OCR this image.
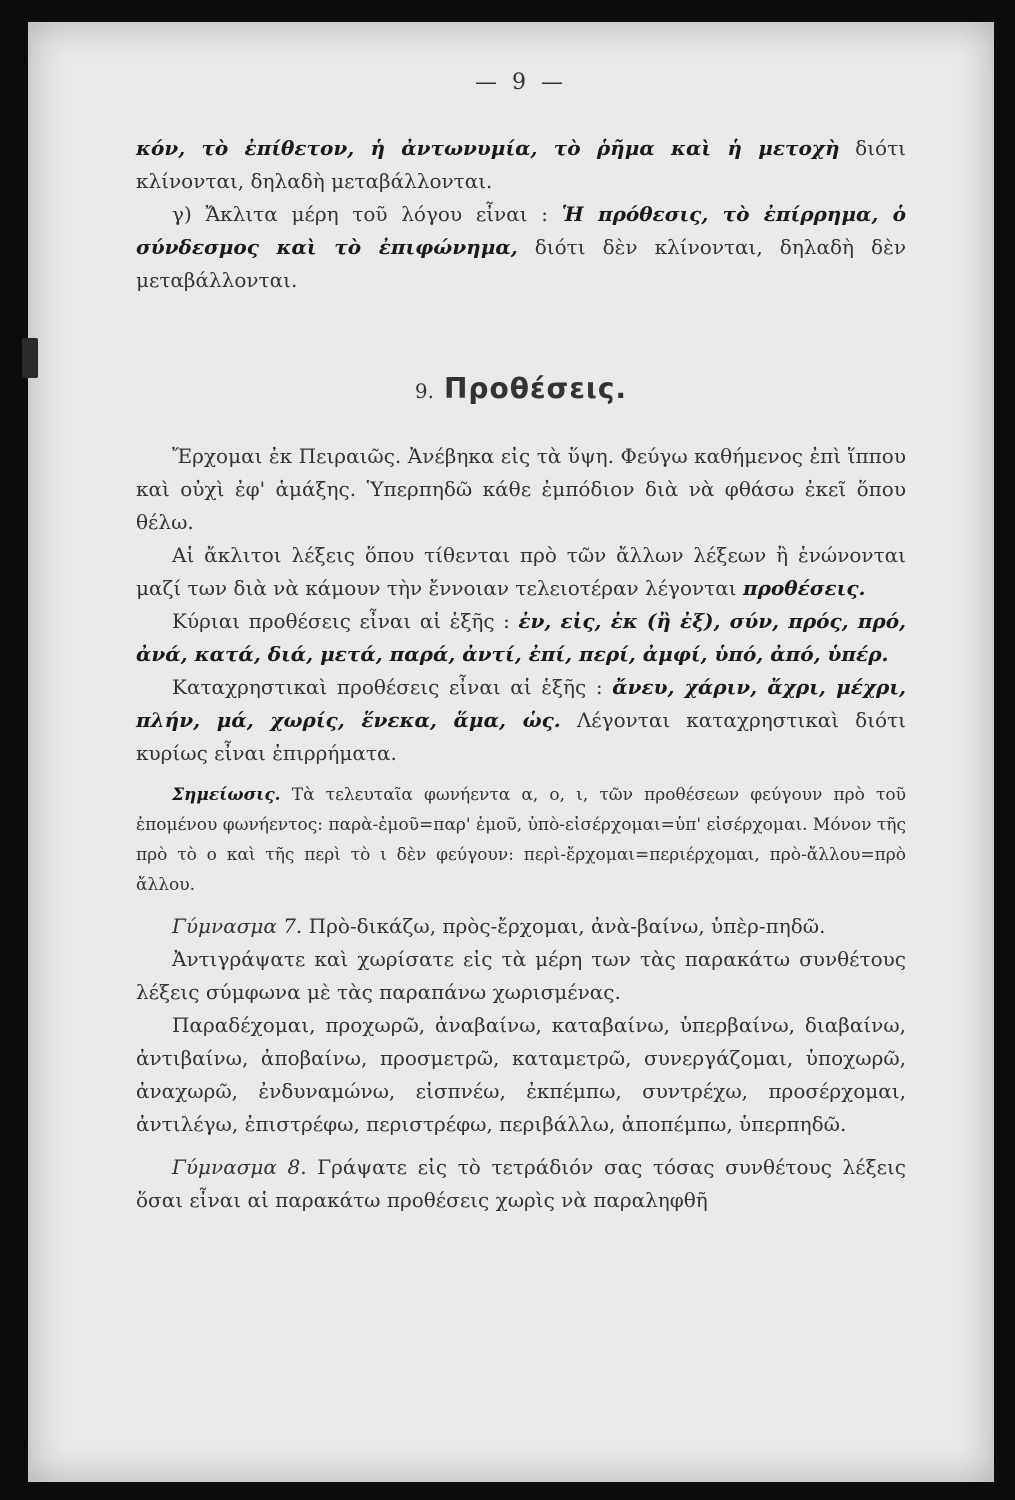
— 9 —

κόν, τὸ ἐπίθετον, ἡ ἀντωνυμία, τὸ ῥῆμα καὶ ἡ μετοχὴ διότι κλίνονται, δηλαδὴ μεταβάλλονται.

γ) Ἄκλιτα μέρη τοῦ λόγου εἶναι : Ἡ πρόθεσις, τὸ ἐπίρρημα, ὁ σύνδεσμος καὶ τὸ ἐπιφώνημα, διότι δὲν κλίνονται, δηλαδὴ δὲν μεταβάλλονται.

9. Προθέσεις.

Ἔρχομαι ἐκ Πειραιῶς. Ἀνέβηκα εἰς τὰ ὕψη. Φεύγω καθήμενος ἐπὶ ἵππου καὶ οὐχὶ ἐφ' ἁμάξης. Ὑπερπηδῶ κάθε ἐμπόδιον διὰ νὰ φθάσω ἐκεῖ ὅπου θέλω.

Αἱ ἄκλιτοι λέξεις ὅπου τίθενται πρὸ τῶν ἄλλων λέξεων ἢ ἑνώνονται μαζί των διὰ νὰ κάμουν τὴν ἔννοιαν τελειοτέραν λέγονται προθέσεις.

Κύριαι προθέσεις εἶναι αἱ ἑξῆς : ἐν, εἰς, ἐκ (ἢ ἐξ), σύν, πρός, πρό, ἀνά, κατά, διά, μετά, παρά, ἀντί, ἐπί, περί, ἀμφί, ὑπό, ἀπό, ὑπέρ.

Καταχρηστικαὶ προθέσεις εἶναι αἱ ἑξῆς : ἄνευ, χάριν, ἄχρι, μέχρι, πλήν, μά, χωρίς, ἕνεκα, ἅμα, ὡς. Λέγονται καταχρηστικαὶ διότι κυρίως εἶναι ἐπιρρήματα.

Σημείωσις. Τὰ τελευταῖα φωνήεντα α, ο, ι, τῶν προθέσεων φεύγουν πρὸ τοῦ ἑπομένου φωνήεντος: παρὰ-ἐμοῦ=παρ' ἐμοῦ, ὑπὸ-εἰσέρχομαι=ὑπ' εἰσέρχομαι. Μόνον τῆς πρὸ τὸ ο καὶ τῆς περὶ τὸ ι δὲν φεύγουν: περὶ-ἔρχομαι=περιέρχομαι, πρὸ-ἄλλου=πρὸ ἄλλου.

Γύμνασμα 7. Πρὸ-δικάζω, πρὸς-ἔρχομαι, ἀνὰ-βαίνω, ὑπὲρ-πηδῶ.

Ἀντιγράψατε καὶ χωρίσατε εἰς τὰ μέρη των τὰς παρακάτω συνθέτους λέξεις σύμφωνα μὲ τὰς παραπάνω χωρισμένας.

Παραδέχομαι, προχωρῶ, ἀναβαίνω, καταβαίνω, ὑπερβαίνω, διαβαίνω, ἀντιβαίνω, ἀποβαίνω, προσμετρῶ, καταμετρῶ, συνεργάζομαι, ὑποχωρῶ, ἀναχωρῶ, ἐνδυναμώνω, εἰσπνέω, ἐκπέμπω, συντρέχω, προσέρχομαι, ἀντιλέγω, ἐπιστρέφω, περιστρέφω, περιβάλλω, ἀποπέμπω, ὑπερπηδῶ.

Γύμνασμα 8. Γράψατε εἰς τὸ τετράδιόν σας τόσας συνθέτους λέξεις ὅσαι εἶναι αἱ παρακάτω προθέσεις χωρὶς νὰ παραληφθῆ
